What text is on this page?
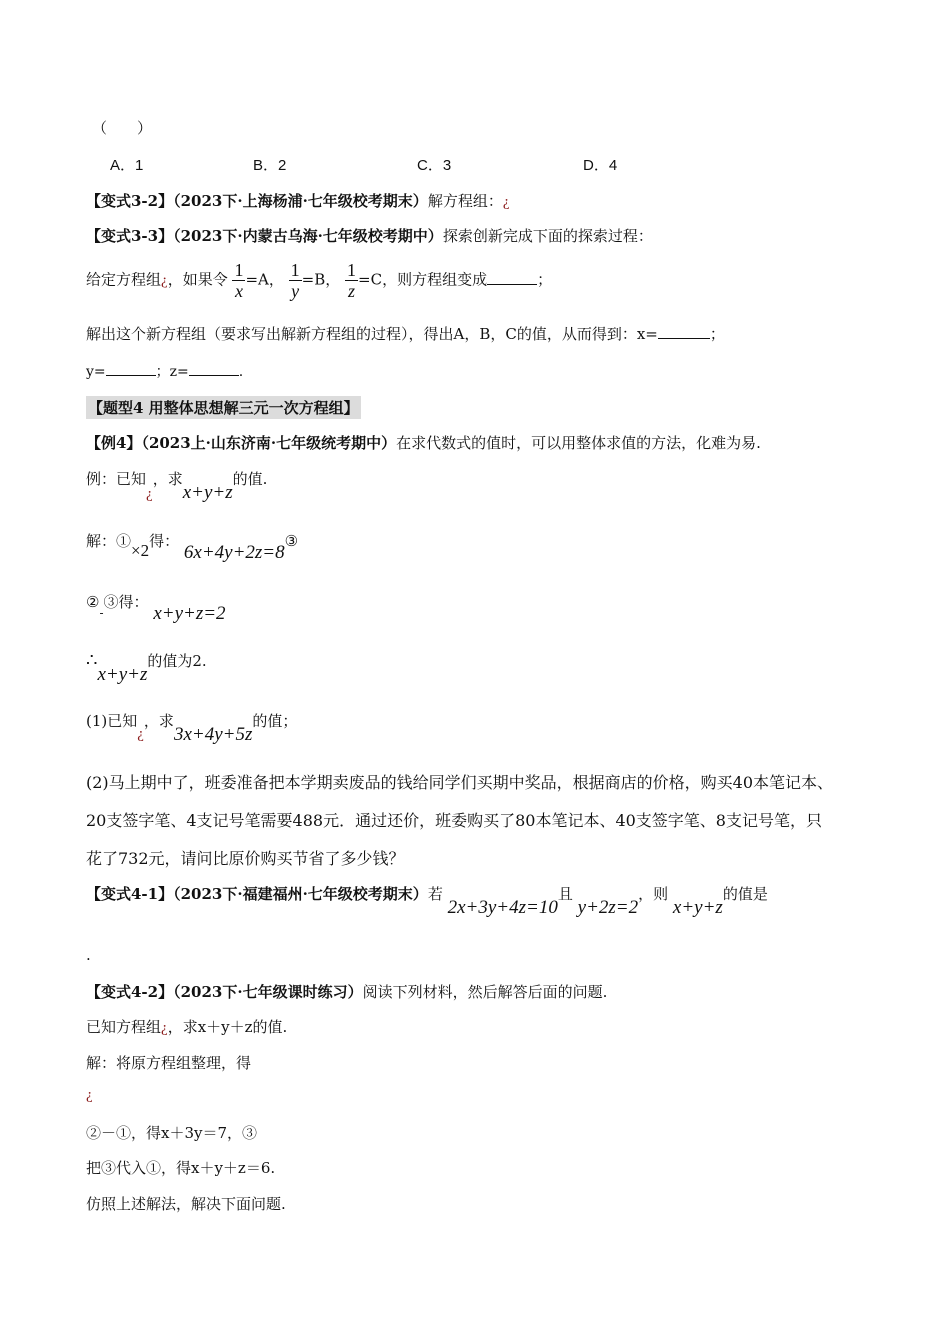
（　　）
A．1	B．2	C．3	D．4
【变式3-2】（2023下·上海杨浦·七年级校考期末）解方程组：¿
【变式3-3】（2023下·内蒙古乌海·七年级校考期中）探索创新完成下面的探索过程：
给定方程组¿，如果令 $\frac{1}{x} =A$， $\frac{1}{y} =B$， $\frac{1}{z} =C$，则方程组变成	；
解出这个新方程组（要求写出解新方程组的过程），得出A，B，C的值，从而得到：x=	；
y=	；z=	.
【题型4 用整体思想解三元一次方程组】
【例4】（2023上·山东济南·七年级统考期中）在求代数式的值时，可以用整体求值的方法，化难为易.
例：已知¿，求x+y+z的值.
解：①×2得： 6x+4y+2z=8③
$②_-③$得： x+y+z=2
∴x+y+z的值为2.
(1)已知¿，求3x+4y+5z的值；
(2)马上期中了，班委准备把本学期卖废品的钱给同学们买期中奖品，根据商店的价格，购买40本笔记本、
20支签字笔、4支记号笔需要488元．通过还价，班委购买了80本笔记本、40支签字笔、8支记号笔，只
花了732元，请问比原价购买节省了多少钱？
【变式4-1】（2023下·福建福州·七年级校考期末）若 2x+3y+4z=10且 y+2z=2，则 x+y+z的值是
.
【变式4-2】（2023下·七年级课时练习）阅读下列材料，然后解答后面的问题.
已知方程组¿，求x＋y＋z的值.
解：将原方程组整理，得
¿
②－①，得x＋3y＝7，③
把③代入①，得x＋y＋z＝6.
仿照上述解法，解决下面问题.
